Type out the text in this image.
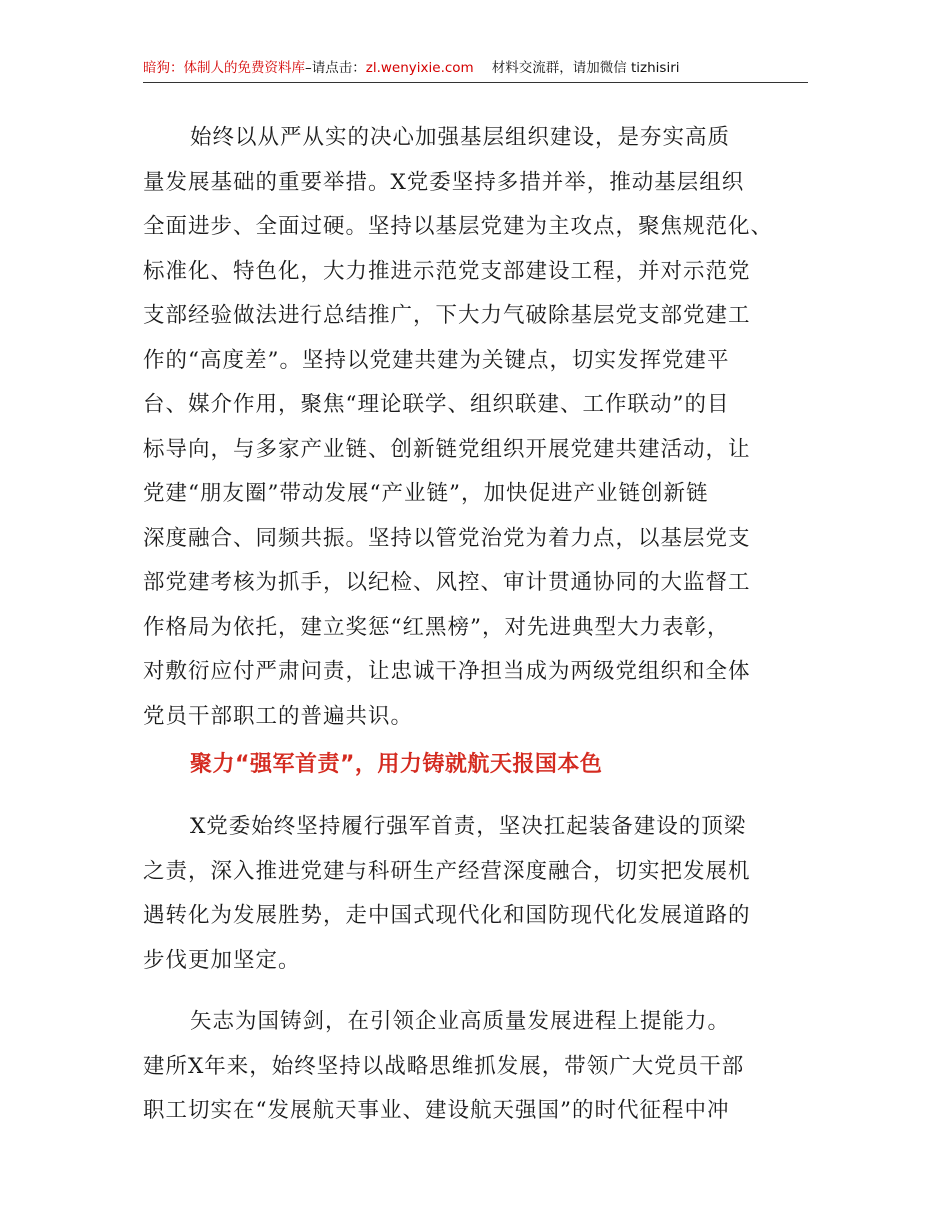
暗狗：体制人的免费资料库–请点击：zl.wenyixie.com 材料交流群，请加微信 tizhisiri
始终以从严从实的决心加强基层组织建设，是夯实高质
量发展基础的重要举措。X党委坚持多措并举，推动基层组织
全面进步、全面过硬。坚持以基层党建为主攻点，聚焦规范化、
标准化、特色化，大力推进示范党支部建设工程，并对示范党
支部经验做法进行总结推广，下大力气破除基层党支部党建工
作的“高度差”。坚持以党建共建为关键点，切实发挥党建平
台、媒介作用，聚焦“理论联学、组织联建、工作联动”的目
标导向，与多家产业链、创新链党组织开展党建共建活动，让
党建“朋友圈”带动发展“产业链”，加快促进产业链创新链
深度融合、同频共振。坚持以管党治党为着力点，以基层党支
部党建考核为抓手，以纪检、风控、审计贯通协同的大监督工
作格局为依托，建立奖惩“红黑榜”，对先进典型大力表彰，
对敷衍应付严肃问责，让忠诚干净担当成为两级党组织和全体
党员干部职工的普遍共识。
聚力“强军首责”，用力铸就航天报国本色
X党委始终坚持履行强军首责，坚决扛起装备建设的顶梁
之责，深入推进党建与科研生产经营深度融合，切实把发展机
遇转化为发展胜势，走中国式现代化和国防现代化发展道路的
步伐更加坚定。
矢志为国铸剑，在引领企业高质量发展进程上提能力。
建所X年来，始终坚持以战略思维抓发展，带领广大党员干部
职工切实在“发展航天事业、建设航天强国”的时代征程中冲
